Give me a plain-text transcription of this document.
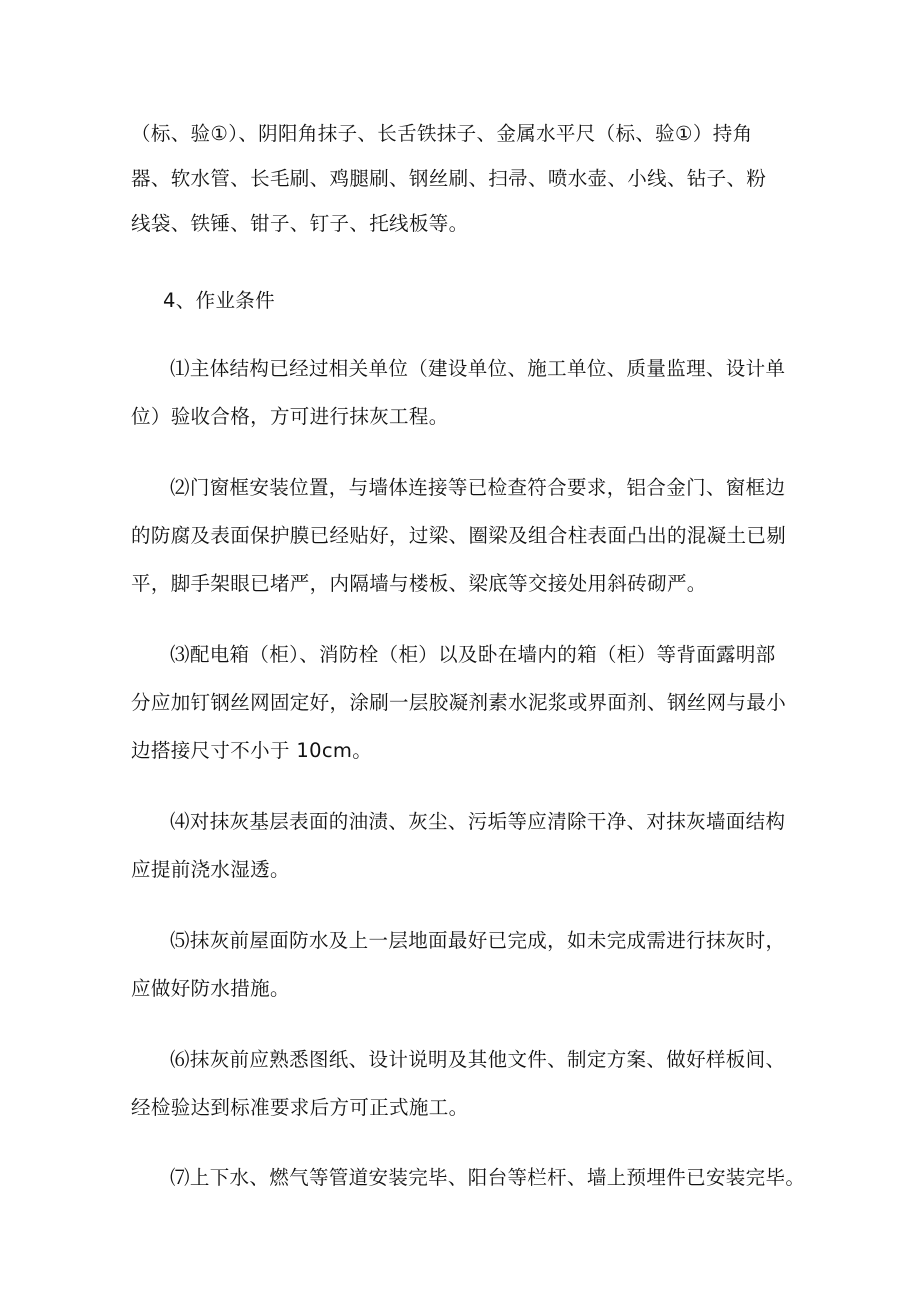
（标、验①）、阴阳角抹子、长舌铁抹子、金属水平尺（标、验①）持角
器、软水管、长毛刷、鸡腿刷、钢丝刷、扫帚、喷水壶、小线、钻子、粉
线袋、铁锤、钳子、钉子、托线板等。
4、作业条件
⑴主体结构已经过相关单位（建设单位、施工单位、质量监理、设计单
位）验收合格，方可进行抹灰工程。
⑵门窗框安装位置，与墙体连接等已检查符合要求，铝合金门、窗框边
的防腐及表面保护膜已经贴好，过梁、圈梁及组合柱表面凸出的混凝土已剔
平，脚手架眼已堵严，内隔墙与楼板、梁底等交接处用斜砖砌严。
⑶配电箱（柜）、消防栓（柜）以及卧在墙内的箱（柜）等背面露明部
分应加钉钢丝网固定好，涂刷一层胶凝剂素水泥浆或界面剂、钢丝网与最小
边搭接尺寸不小于 10cm。
⑷对抹灰基层表面的油渍、灰尘、污垢等应清除干净、对抹灰墙面结构
应提前浇水湿透。
⑸抹灰前屋面防水及上一层地面最好已完成，如未完成需进行抹灰时，
应做好防水措施。
⑹抹灰前应熟悉图纸、设计说明及其他文件、制定方案、做好样板间、
经检验达到标准要求后方可正式施工。
⑺上下水、燃气等管道安装完毕、阳台等栏杆、墙上预埋件已安装完毕。
